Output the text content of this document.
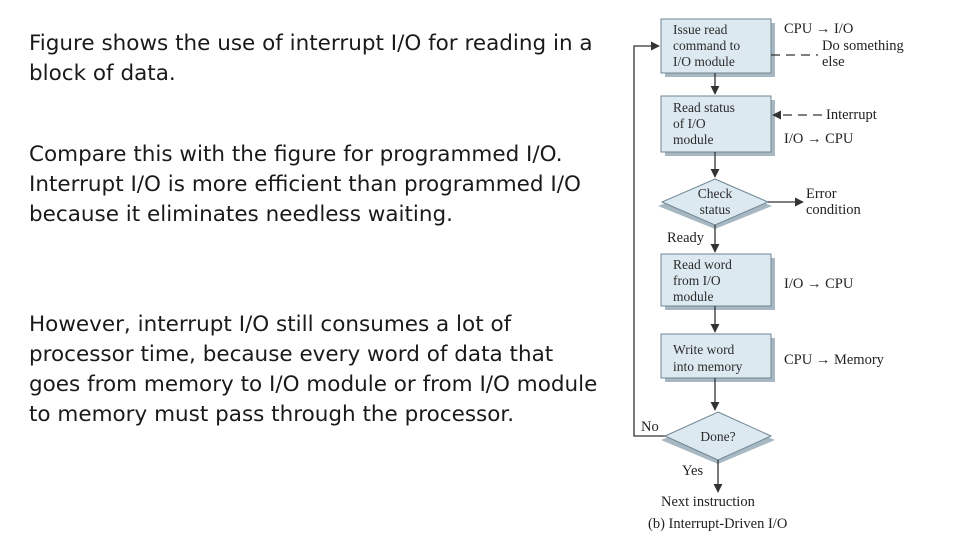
Figure shows the use of interrupt I/O for reading in a block of data.

Compare this with the figure for programmed I/O. Interrupt I/O is more efficient than programmed I/O because it eliminates needless waiting.

However, interrupt I/O still consumes a lot of processor time, because every word of data that goes from memory to I/O module or from I/O module to memory must pass through the processor.

Issue read
command to
I/O module
Read status
of I/O
module
Check
status
Read word
from I/O
module
Write word
into memory
Done?
CPU → I/O
Do something
else
Interrupt
I/O → CPU
Error
condition
Ready
I/O → CPU
CPU → Memory
No
Yes
Next instruction
(b) Interrupt-Driven I/O
